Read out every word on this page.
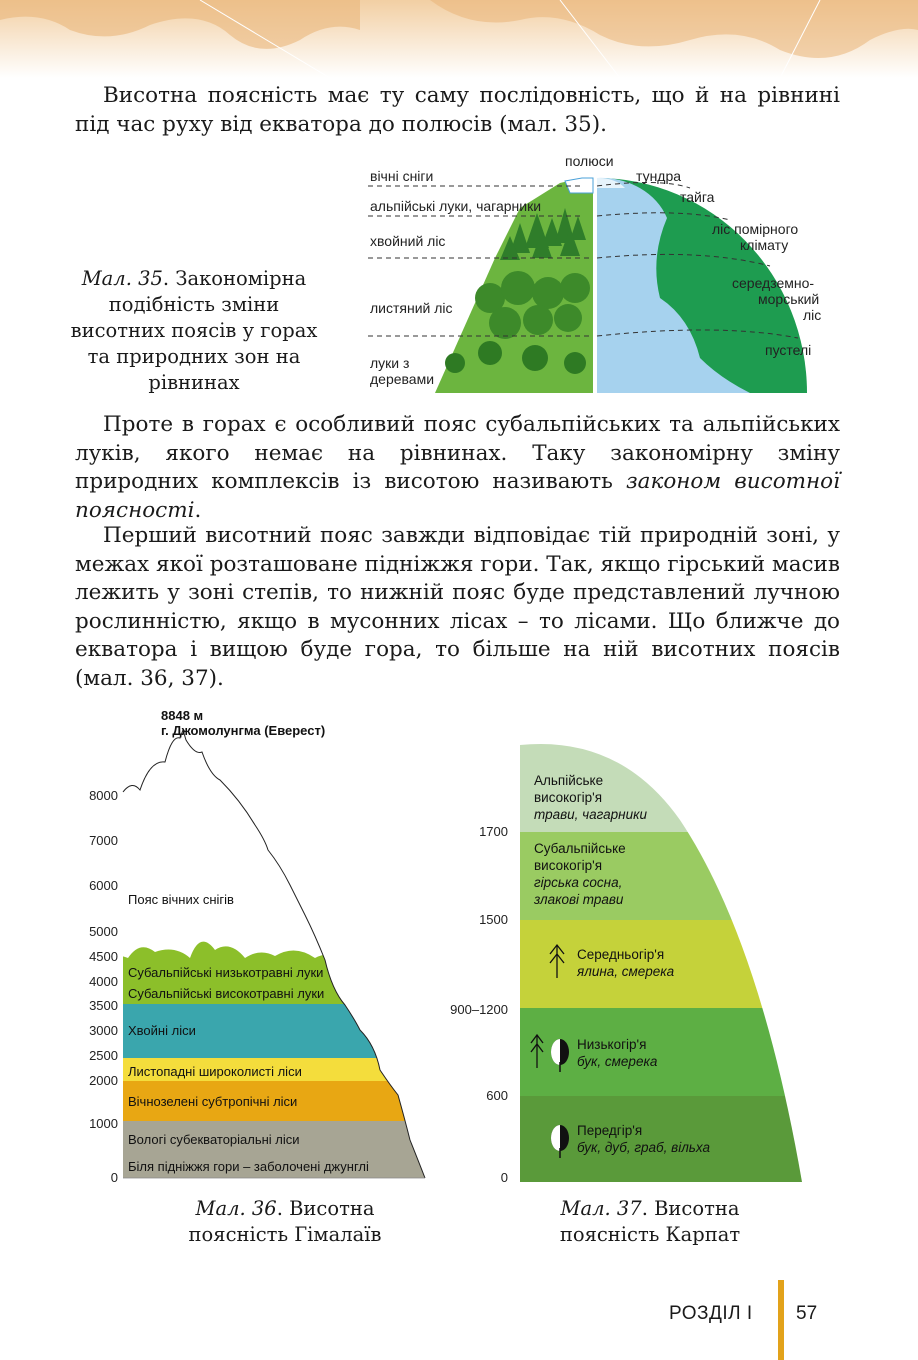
Висотна поясність має ту саму послідовність, що й на рівнині під час руху від екватора до полюсів (мал. 35).

Мал. 35. Закономірна подібність зміни висотних поясів у горах та природних зон на рівнинах
вічні сніги
альпійські луки, чагарники
хвойний ліс
листяний ліс
луки з
деревами
полюси
тундра
тайга
ліс помірного
клімату
середземно-
морський
ліс
пустелі

Проте в горах є особливий пояс субальпійських та альпійських луків, якого немає на рівнинах. Таку закономірну зміну природних комплексів із висотою називають законом висотної поясності.

Перший висотний пояс завжди відповідає тій природній зоні, у межах якої розташоване підніжжя гори. Так, якщо гірський масив лежить у зоні степів, то нижній пояс буде представлений лучною рослинністю, якщо в мусонних лісах – то лісами. Що ближче до екватора і вищою буде гора, то більше на ній висотних поясів (мал. 36, 37).

8848 м
г. Джомолунгма (Еверест)
8000
7000
6000
5000
4500
4000
3500
3000
2500
2000
1000
0
Пояс вічних снігів
Субальпійські низькотравні луки
Субальпійські високотравні луки
Хвойні ліси
Листопадні широколисті ліси
Вічнозелені субтропічні ліси
Вологі субекваторіальні ліси
Біля підніжжя гори – заболочені джунглі
Мал. 36. Висотна поясність Гімалаїв
1700
1500
900–1200
600
0
Альпійське
високогір'я
трави, чагарники
Субальпійське
високогір'я
гірська сосна,
злакові трави
Середньогір'я
ялина, смерека
Низькогір'я
бук, смерека
Передгір'я
бук, дуб, граб, вільха
Мал. 37. Висотна поясність Карпат
РОЗДІЛ І 57
